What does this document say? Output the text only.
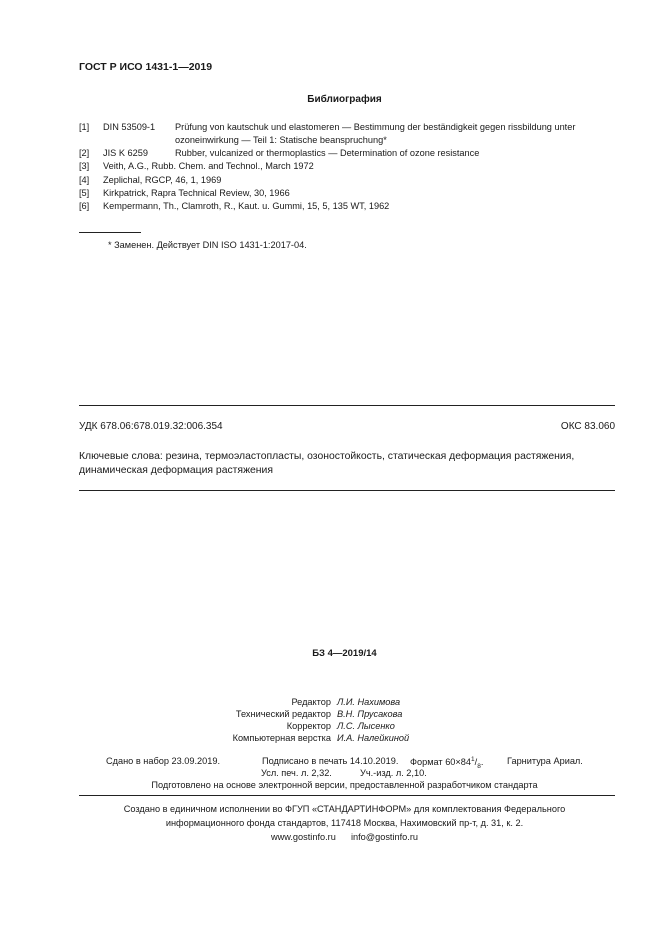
ГОСТ Р ИСО 1431-1—2019
Библиография
[1] DIN 53509-1 Prüfung von kautschuk und elastomeren — Bestimmung der beständigkeit gegen rissbildung unter ozoneinwirkung — Teil 1: Statische beanspruchung*
[2] JIS K 6259	Rubber, vulcanized or thermoplastics — Determination of ozone resistance
[3] Veith, A.G., Rubb. Chem. and Technol., March 1972
[4] Zeplichal, RGCP, 46, 1, 1969
[5] Kirkpatrick, Rapra Technical Review, 30, 1966
[6] Kempermann, Th., Clamroth, R., Kaut. u. Gummi, 15, 5, 135 WT, 1962
* Заменен. Действует DIN ISO 1431-1:2017-04.
УДК 678.06:678.019.32:006.354	ОКС 83.060
Ключевые слова: резина, термоэластопласты, озоностойкость, статическая деформация растяжения, динамическая деформация растяжения
БЗ 4—2019/14
Редактор Л.И. Нахимова
Технический редактор В.Н. Прусакова
Корректор Л.С. Лысенко
Компьютерная верстка И.А. Налейкиной
Сдано в набор 23.09.2019.	Подписано в печать 14.10.2019. Формат $60\times 84^1/_8$.	Гарнитура Ариал.
Усл. печ. л. 2,32.	Уч.-изд. л. 2,10.
Подготовлено на основе электронной версии, предоставленной разработчиком стандарта
Создано в единичном исполнении во ФГУП «СТАНДАРТИНФОРМ» для комплектования Федерального
информационного фонда стандартов, 117418 Москва, Нахимовский пр-т, д. 31, к. 2.
www.gostinfo.ru info@gostinfo.ru
